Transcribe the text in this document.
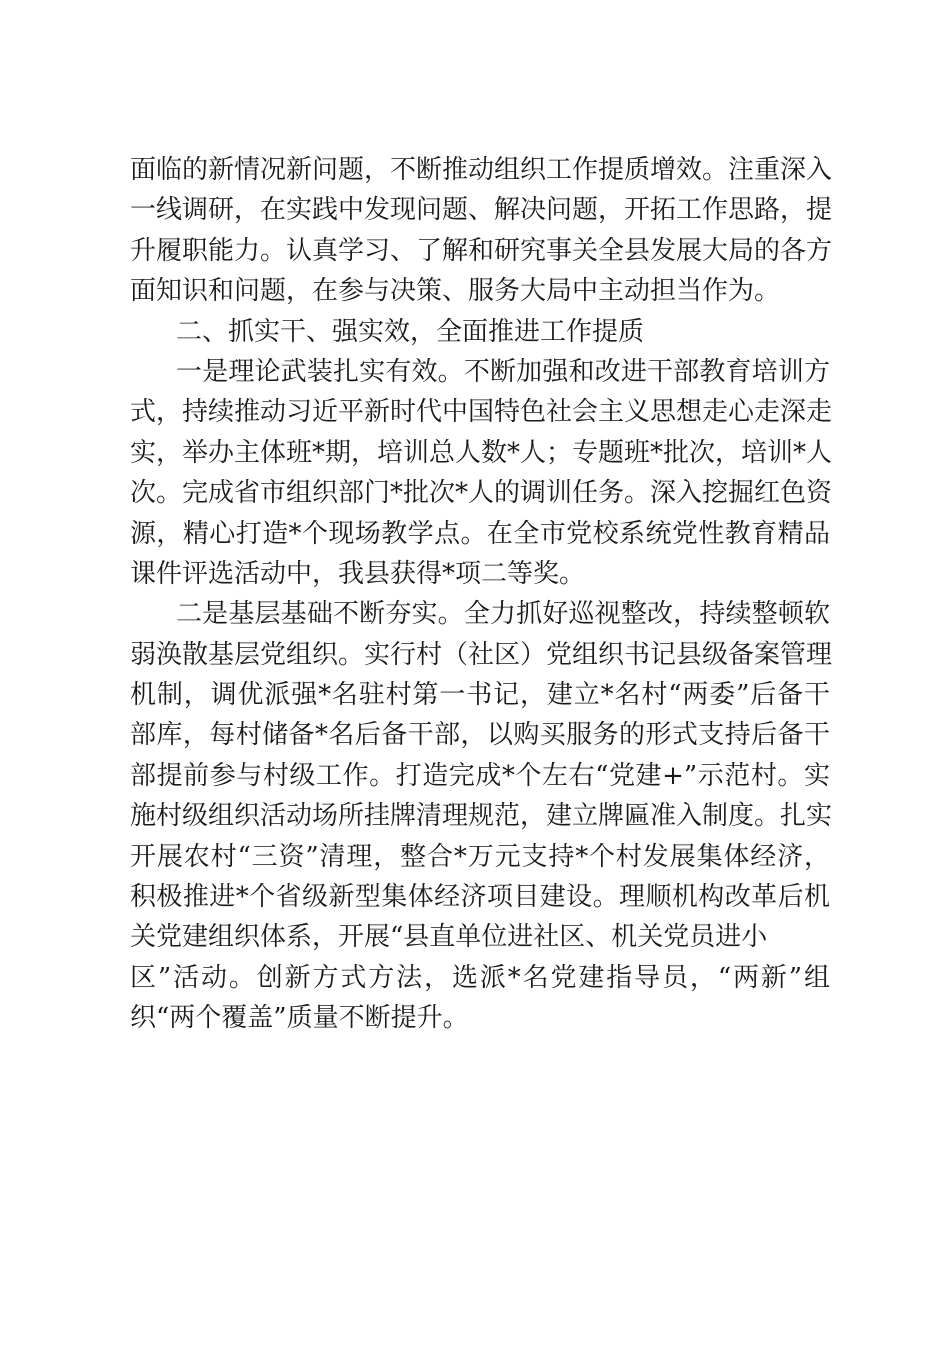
面临的新情况新问题，不断推动组织工作提质增效。注重深入
一线调研，在实践中发现问题、解决问题，开拓工作思路，提
升履职能力。认真学习、了解和研究事关全县发展大局的各方
面知识和问题，在参与决策、服务大局中主动担当作为。
二、抓实干、强实效，全面推进工作提质
一是理论武装扎实有效。不断加强和改进干部教育培训方
式，持续推动习近平新时代中国特色社会主义思想走心走深走
实，举办主体班*期，培训总人数*人；专题班*批次，培训*人
次。完成省市组织部门*批次*人的调训任务。深入挖掘红色资
源，精心打造*个现场教学点。在全市党校系统党性教育精品
课件评选活动中，我县获得*项二等奖。
二是基层基础不断夯实。全力抓好巡视整改，持续整顿软
弱涣散基层党组织。实行村（社区）党组织书记县级备案管理
机制，调优派强*名驻村第一书记，建立*名村“两委”后备干
部库，每村储备*名后备干部，以购买服务的形式支持后备干
部提前参与村级工作。打造完成*个左右“党建+”示范村。实
施村级组织活动场所挂牌清理规范，建立牌匾准入制度。扎实
开展农村“三资”清理，整合*万元支持*个村发展集体经济，
积极推进*个省级新型集体经济项目建设。理顺机构改革后机
关党建组织体系，开展“县直单位进社区、机关党员进小
区”活动。创新方式方法，选派*名党建指导员，“两新”组
织“两个覆盖”质量不断提升。
